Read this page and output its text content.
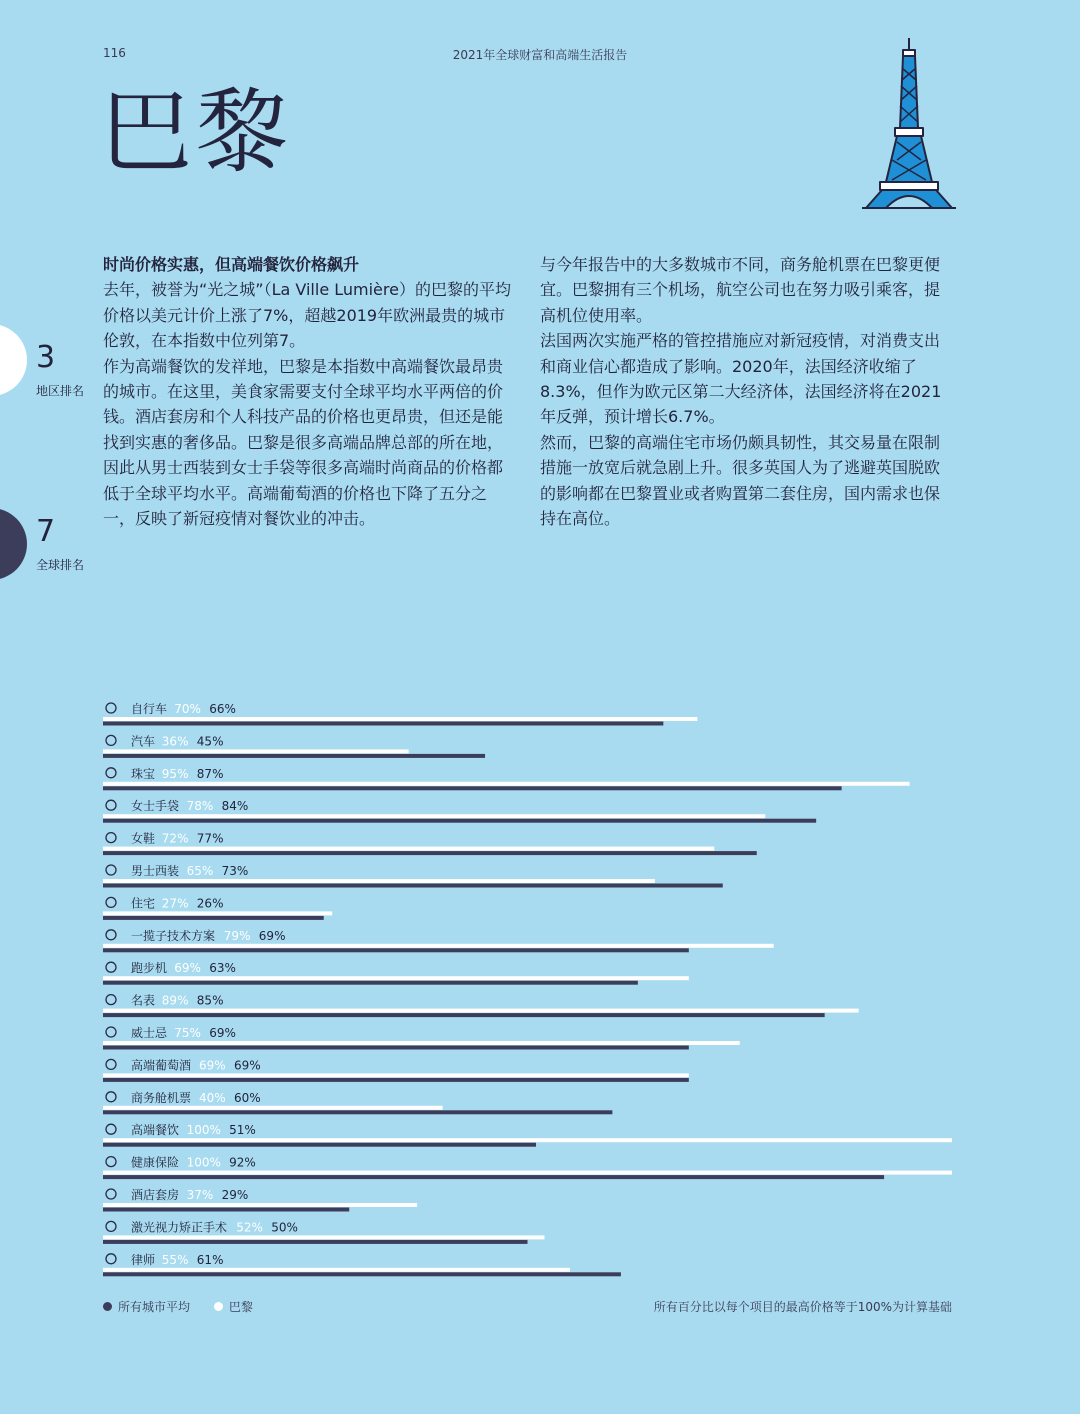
116	2021年全球财富和高端生活报告
巴黎

时尚价格实惠，但高端餐饮价格飙升

去年，被誉为“光之城”（La Ville Lumière）的巴黎的平均价格以美元计价上涨了7%，超越2019年欧洲最贵的城市伦敦，在本指数中位列第7。

作为高端餐饮的发祥地，巴黎是本指数中高端餐饮最昂贵的城市。在这里，美食家需要支付全球平均水平两倍的价钱。酒店套房和个人科技产品的价格也更昂贵，但还是能找到实惠的奢侈品。巴黎是很多高端品牌总部的所在地，因此从男士西装到女士手袋等很多高端时尚商品的价格都低于全球平均水平。高端葡萄酒的价格也下降了五分之一，反映了新冠疫情对餐饮业的冲击。

与今年报告中的大多数城市不同，商务舱机票在巴黎更便宜。巴黎拥有三个机场，航空公司也在努力吸引乘客，提高机位使用率。

法国两次实施严格的管控措施应对新冠疫情，对消费支出和商业信心都造成了影响。2020年，法国经济收缩了8.3%，但作为欧元区第二大经济体，法国经济将在2021年反弹，预计增长6.7%。

然而，巴黎的高端住宅市场仍颇具韧性，其交易量在限制措施一放宽后就急剧上升。很多英国人为了逃避英国脱欧的影响都在巴黎置业或者购置第二套住房，国内需求也保持在高位。

3
地区排名
7
全球排名
自行车 70% 66%
汽车 36% 45%
珠宝 95% 87%
女士手袋 78% 84%
女鞋 72% 77%
男士西装 65% 73%
住宅 27% 26%
一揽子技术方案 79% 69%
跑步机 69% 63%
名表 89% 85%
威士忌 75% 69%
高端葡萄酒 69% 69%
商务舱机票 40% 60%
高端餐饮 100% 51%
健康保险 100% 92%
酒店套房 37% 29%
激光视力矫正手术 52% 50%
律师 55% 61%
所有城市平均	巴黎	所有百分比以每个项目的最高价格等于100%为计算基础
